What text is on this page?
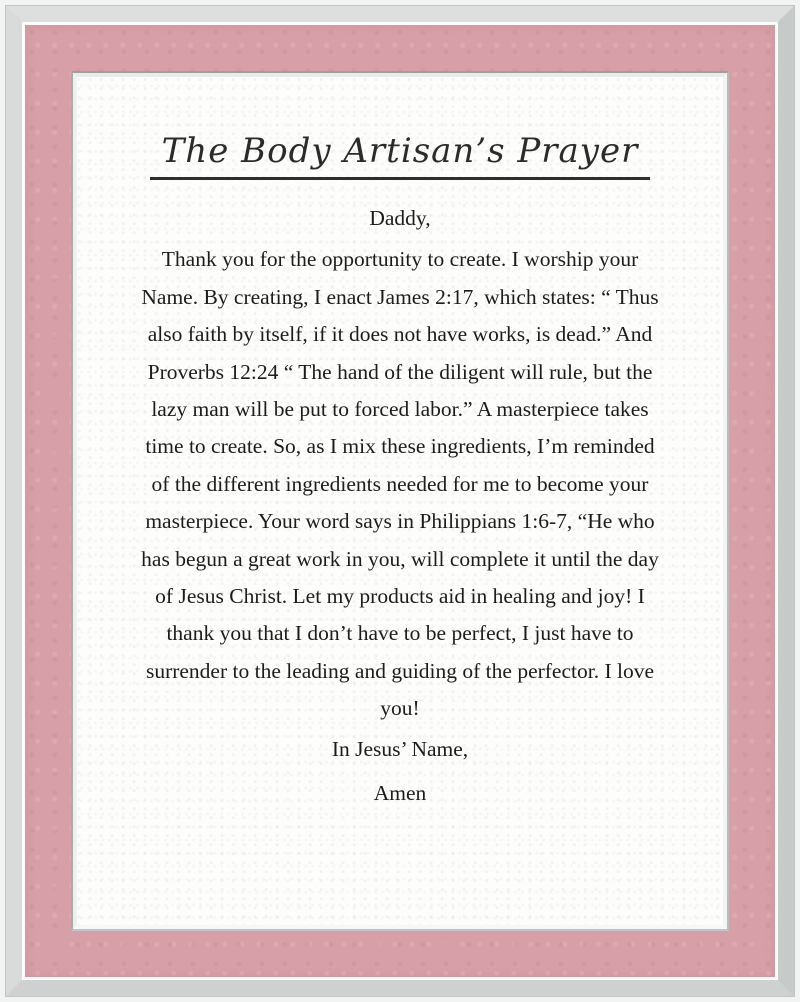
The Body Artisan’s Prayer
Daddy,
Thank you for the opportunity to create. I worship your
Name. By creating, I enact James 2:17, which states: “ Thus
also faith by itself, if it does not have works, is dead.” And
Proverbs 12:24 “ The hand of the diligent will rule, but the
lazy man will be put to forced labor.” A masterpiece takes
time to create. So, as I mix these ingredients, I’m reminded
of the different ingredients needed for me to become your
masterpiece. Your word says in Philippians 1:6-7, “He who
has begun a great work in you, will complete it until the day
of Jesus Christ. Let my products aid in healing and joy! I
thank you that I don’t have to be perfect, I just have to
surrender to the leading and guiding of the perfector. I love
you!
In Jesus’ Name,
Amen
